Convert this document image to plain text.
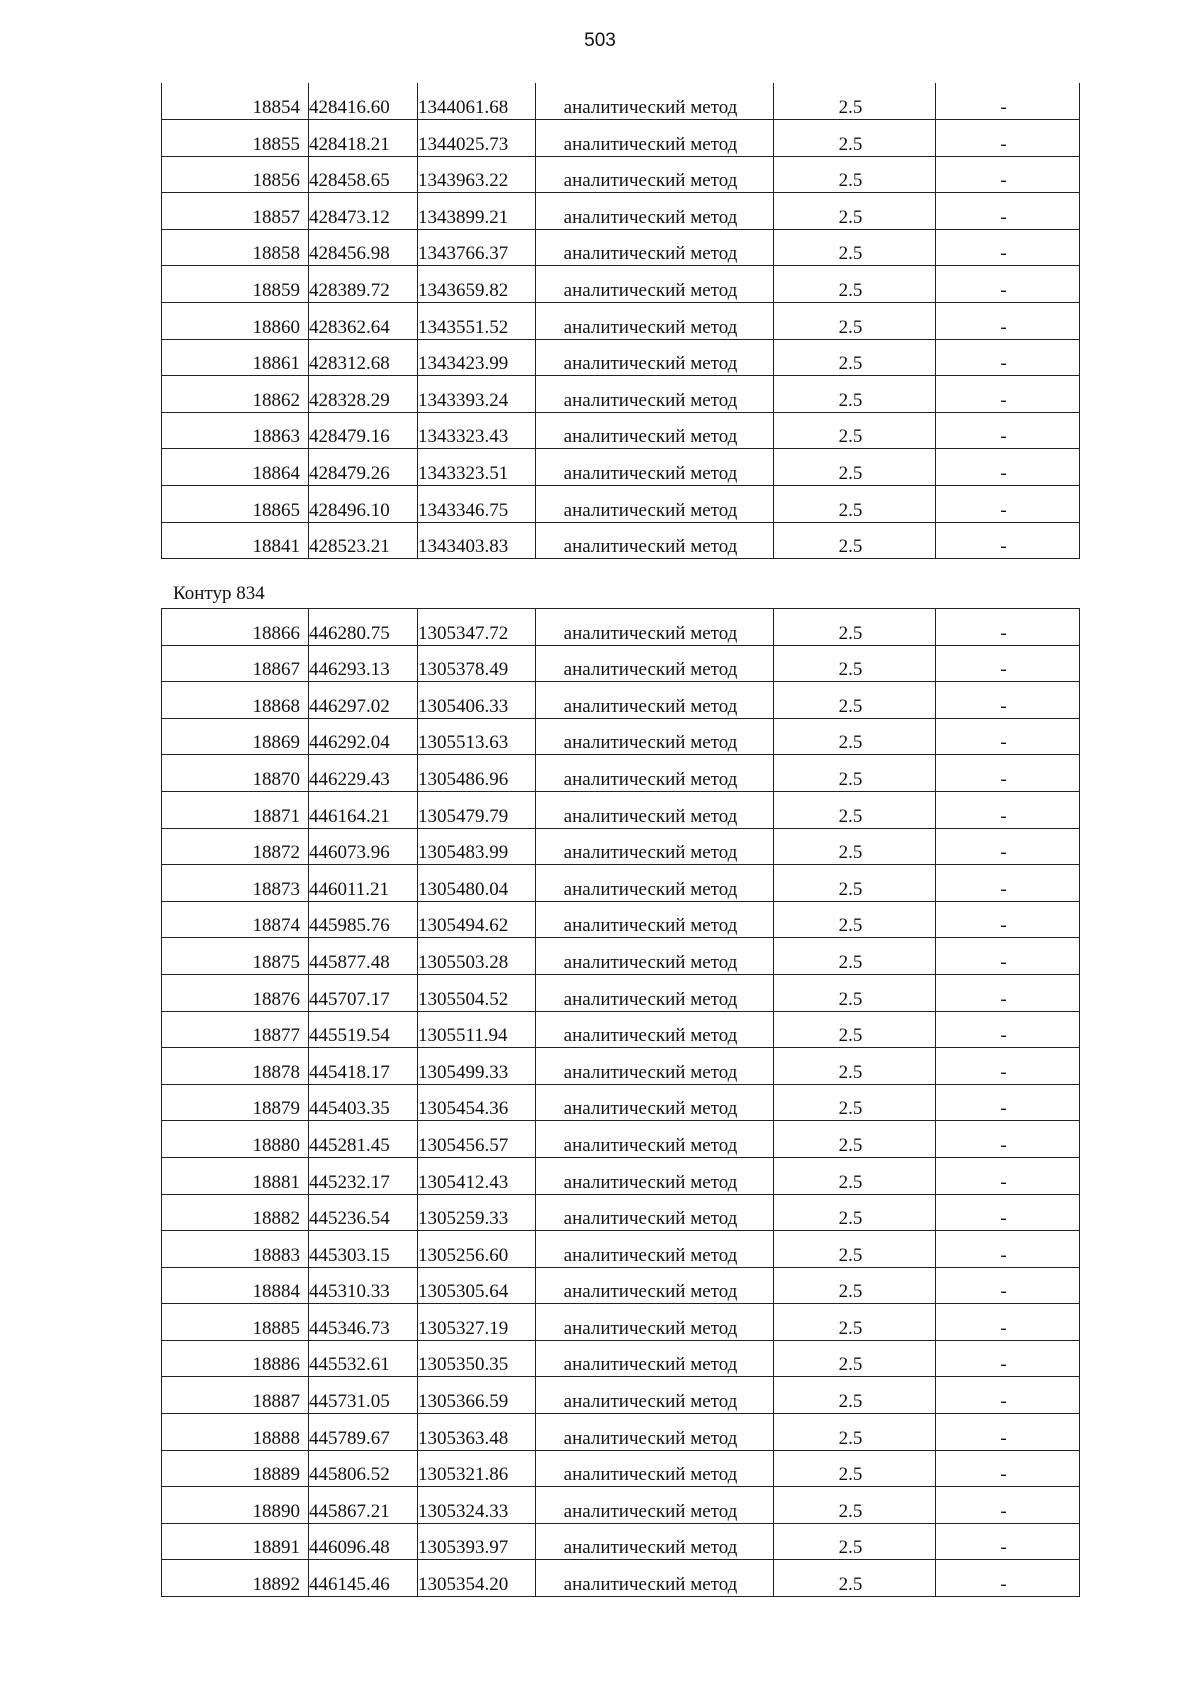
503
18854	428416.60	1344061.68	аналитический метод	2.5	-
18855	428418.21	1344025.73	аналитический метод	2.5	-
18856	428458.65	1343963.22	аналитический метод	2.5	-
18857	428473.12	1343899.21	аналитический метод	2.5	-
18858	428456.98	1343766.37	аналитический метод	2.5	-
18859	428389.72	1343659.82	аналитический метод	2.5	-
18860	428362.64	1343551.52	аналитический метод	2.5	-
18861	428312.68	1343423.99	аналитический метод	2.5	-
18862	428328.29	1343393.24	аналитический метод	2.5	-
18863	428479.16	1343323.43	аналитический метод	2.5	-
18864	428479.26	1343323.51	аналитический метод	2.5	-
18865	428496.10	1343346.75	аналитический метод	2.5	-
18841	428523.21	1343403.83	аналитический метод	2.5	-
Контур 834
18866	446280.75	1305347.72	аналитический метод	2.5	-
18867	446293.13	1305378.49	аналитический метод	2.5	-
18868	446297.02	1305406.33	аналитический метод	2.5	-
18869	446292.04	1305513.63	аналитический метод	2.5	-
18870	446229.43	1305486.96	аналитический метод	2.5	-
18871	446164.21	1305479.79	аналитический метод	2.5	-
18872	446073.96	1305483.99	аналитический метод	2.5	-
18873	446011.21	1305480.04	аналитический метод	2.5	-
18874	445985.76	1305494.62	аналитический метод	2.5	-
18875	445877.48	1305503.28	аналитический метод	2.5	-
18876	445707.17	1305504.52	аналитический метод	2.5	-
18877	445519.54	1305511.94	аналитический метод	2.5	-
18878	445418.17	1305499.33	аналитический метод	2.5	-
18879	445403.35	1305454.36	аналитический метод	2.5	-
18880	445281.45	1305456.57	аналитический метод	2.5	-
18881	445232.17	1305412.43	аналитический метод	2.5	-
18882	445236.54	1305259.33	аналитический метод	2.5	-
18883	445303.15	1305256.60	аналитический метод	2.5	-
18884	445310.33	1305305.64	аналитический метод	2.5	-
18885	445346.73	1305327.19	аналитический метод	2.5	-
18886	445532.61	1305350.35	аналитический метод	2.5	-
18887	445731.05	1305366.59	аналитический метод	2.5	-
18888	445789.67	1305363.48	аналитический метод	2.5	-
18889	445806.52	1305321.86	аналитический метод	2.5	-
18890	445867.21	1305324.33	аналитический метод	2.5	-
18891	446096.48	1305393.97	аналитический метод	2.5	-
18892	446145.46	1305354.20	аналитический метод	2.5	-
